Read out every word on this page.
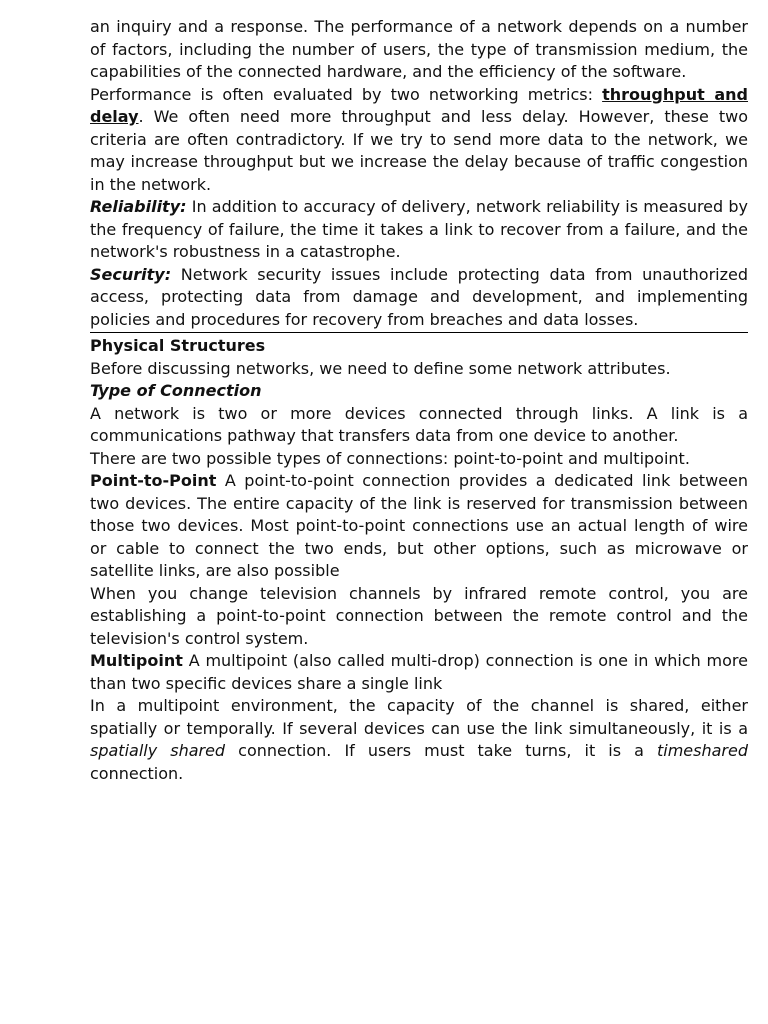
an inquiry and a response. The performance of a network depends on a number of factors, including the number of users, the type of transmission medium, the capabilities of the connected hardware, and the efficiency of the software.

Performance is often evaluated by two networking metrics: throughput and delay. We often need more throughput and less delay. However, these two criteria are often contradictory. If we try to send more data to the network, we may increase throughput but we increase the delay because of traffic congestion in the network.

Reliability: In addition to accuracy of delivery, network reliability is measured by the frequency of failure, the time it takes a link to recover from a failure, and the network's robustness in a catastrophe.

Security: Network security issues include protecting data from unauthorized access, protecting data from damage and development, and implementing policies and procedures for recovery from breaches and data losses.

Physical Structures

Before discussing networks, we need to define some network attributes.

Type of Connection

A network is two or more devices connected through links. A link is a communications pathway that transfers data from one device to another.

There are two possible types of connections: point-to-point and multipoint.

Point-to-Point A point-to-point connection provides a dedicated link between two devices. The entire capacity of the link is reserved for transmission between those two devices. Most point-to-point connections use an actual length of wire or cable to connect the two ends, but other options, such as microwave or satellite links, are also possible

When you change television channels by infrared remote control, you are establishing a point-to-point connection between the remote control and the television's control system.

Multipoint A multipoint (also called multi-drop) connection is one in which more than two specific devices share a single link

In a multipoint environment, the capacity of the channel is shared, either spatially or temporally. If several devices can use the link simultaneously, it is a spatially shared connection. If users must take turns, it is a timeshared connection.
